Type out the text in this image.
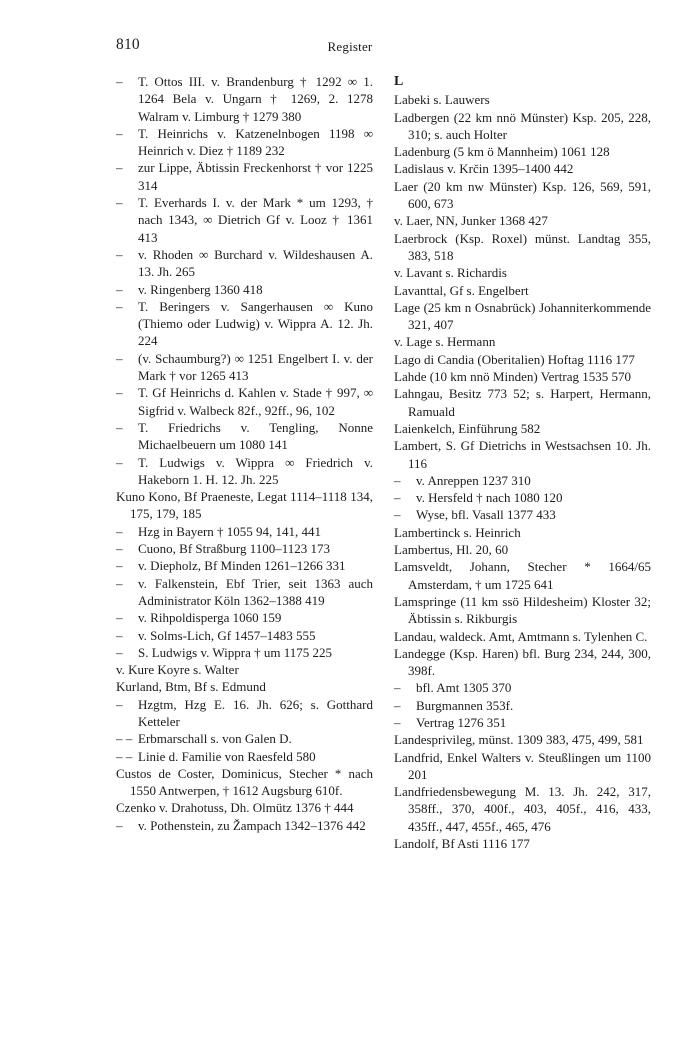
810	Register
– T. Ottos III. v. Brandenburg † 1292 ∞ 1. 1264 Bela v. Ungarn † 1269, 2. 1278 Walram v. Limburg † 1279 380
– T. Heinrichs v. Katzenelnbogen 1198 ∞ Heinrich v. Diez † 1189 232
– zur Lippe, Äbtissin Freckenhorst † vor 1225 314
– T. Everhards I. v. der Mark * um 1293, † nach 1343, ∞ Dietrich Gf v. Looz † 1361 413
– v. Rhoden ∞ Burchard v. Wildeshausen A. 13. Jh. 265
– v. Ringenberg 1360 418
– T. Beringers v. Sangerhausen ∞ Kuno (Thiemo oder Ludwig) v. Wippra A. 12. Jh. 224
– (v. Schaumburg?) ∞ 1251 Engelbert I. v. der Mark † vor 1265 413
– T. Gf Heinrichs d. Kahlen v. Stade † 997, ∞ Sigfrid v. Walbeck 82f., 92ff., 96, 102
– T. Friedrichs v. Tengling, Nonne Michaelbeuern um 1080 141
– T. Ludwigs v. Wippra ∞ Friedrich v. Hakeborn 1. H. 12. Jh. 225
Kuno Kono, Bf Praeneste, Legat 1114–1118 134, 175, 179, 185
– Hzg in Bayern † 1055 94, 141, 441
– Cuono, Bf Straßburg 1100–1123 173
– v. Diepholz, Bf Minden 1261–1266 331
– v. Falkenstein, Ebf Trier, seit 1363 auch Administrator Köln 1362–1388 419
– v. Rihpoldisperga 1060 159
– v. Solms-Lich, Gf 1457–1483 555
– S. Ludwigs v. Wippra † um 1175 225
v. Kure Koyre s. Walter
Kurland, Btm, Bf s. Edmund
– Hzgtm, Hzg E. 16. Jh. 626; s. Gotthard Ketteler
– – Erbmarschall s. von Galen D.
– – Linie d. Familie von Raesfeld 580
Custos de Coster, Dominicus, Stecher * nach 1550 Antwerpen, † 1612 Augsburg 610f.
Czenko v. Drahotuss, Dh. Olmütz 1376 † 444
– v. Pothenstein, zu Žampach 1342–1376 442
L
Labeki s. Lauwers
Ladbergen (22 km nnö Münster) Ksp. 205, 228, 310; s. auch Holter
Ladenburg (5 km ö Mannheim) 1061 128
Ladislaus v. Krčin 1395–1400 442
Laer (20 km nw Münster) Ksp. 126, 569, 591, 600, 673
v. Laer, NN, Junker 1368 427
Laerbrock (Ksp. Roxel) münst. Landtag 355, 383, 518
v. Lavant s. Richardis
Lavanttal, Gf s. Engelbert
Lage (25 km n Osnabrück) Johanniterkommende 321, 407
v. Lage s. Hermann
Lago di Candia (Oberitalien) Hoftag 1116 177
Lahde (10 km nnö Minden) Vertrag 1535 570
Lahngau, Besitz 773 52; s. Harpert, Hermann, Ramuald
Laienkelch, Einführung 582
Lambert, S. Gf Dietrichs in Westsachsen 10. Jh. 116
– v. Anreppen 1237 310
– v. Hersfeld † nach 1080 120
– Wyse, bfl. Vasall 1377 433
Lambertinck s. Heinrich
Lambertus, Hl. 20, 60
Lamsveldt, Johann, Stecher * 1664/65 Amsterdam, † um 1725 641
Lamspringe (11 km ssö Hildesheim) Kloster 32; Äbtissin s. Rikburgis
Landau, waldeck. Amt, Amtmann s. Tylenhen C.
Landegge (Ksp. Haren) bfl. Burg 234, 244, 300, 398f.
– bfl. Amt 1305 370
– Burgmannen 353f.
– Vertrag 1276 351
Landesprivileg, münst. 1309 383, 475, 499, 581
Landfrid, Enkel Walters v. Steußlingen um 1100 201
Landfriedensbewegung M. 13. Jh. 242, 317, 358ff., 370, 400f., 403, 405f., 416, 433, 435ff., 447, 455f., 465, 476
Landolf, Bf Asti 1116 177
